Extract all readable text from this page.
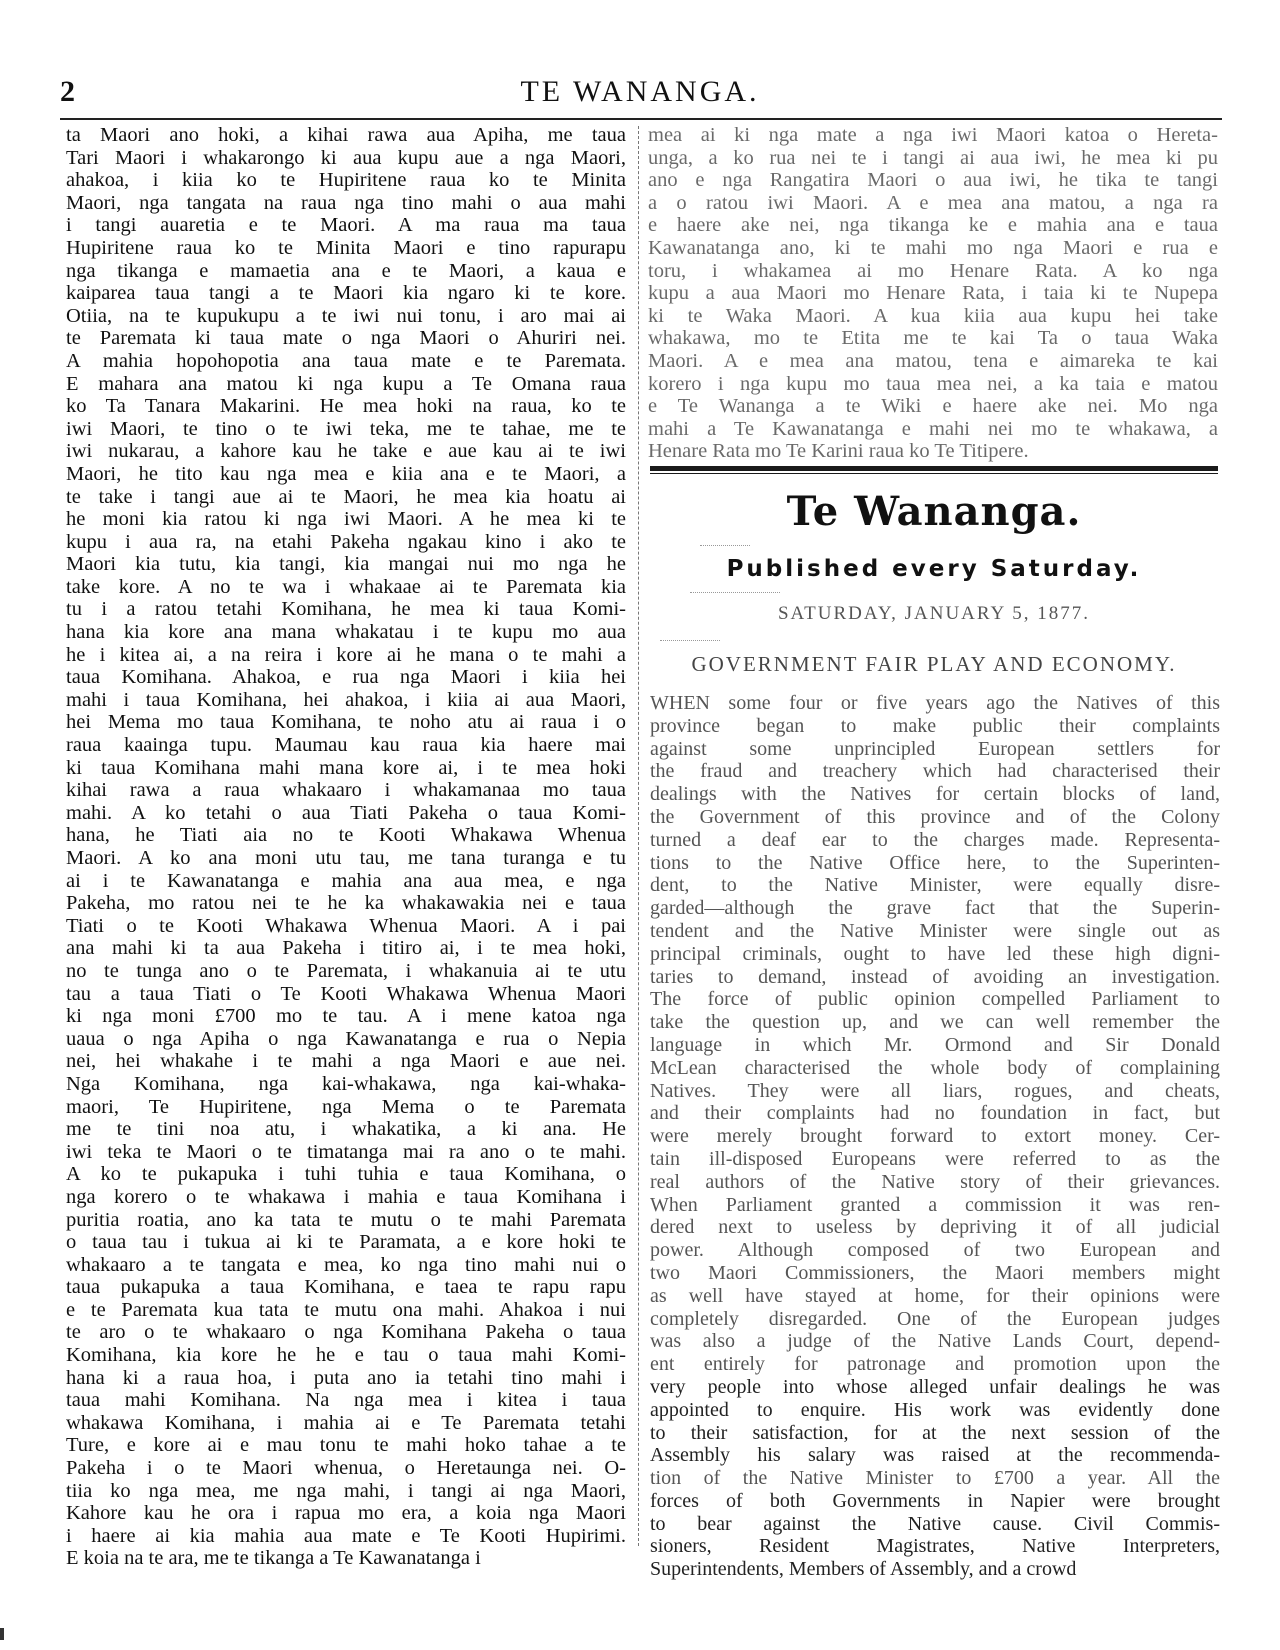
2	TE WANANGA.
ta Maori ano hoki, a kihai rawa aua Apiha, me taua
Tari Maori i whakarongo ki aua kupu aue a nga Maori,
ahakoa, i kiia ko te Hupiritene raua ko te Minita
Maori, nga tangata na raua nga tino mahi o aua mahi
i tangi auaretia e te Maori. A ma raua ma taua
Hupiritene raua ko te Minita Maori e tino rapurapu
nga tikanga e mamaetia ana e te Maori, a kaua e
kaiparea taua tangi a te Maori kia ngaro ki te kore.
Otiia, na te kupukupu a te iwi nui tonu, i aro mai ai
te Paremata ki taua mate o nga Maori o Ahuriri nei.
A mahia hopohopotia ana taua mate e te Paremata.
E mahara ana matou ki nga kupu a Te Omana raua
ko Ta Tanara Makarini. He mea hoki na raua, ko te
iwi Maori, te tino o te iwi teka, me te tahae, me te
iwi nukarau, a kahore kau he take e aue kau ai te iwi
Maori, he tito kau nga mea e kiia ana e te Maori, a
te take i tangi aue ai te Maori, he mea kia hoatu ai
he moni kia ratou ki nga iwi Maori. A he mea ki te
kupu i aua ra, na etahi Pakeha ngakau kino i ako te
Maori kia tutu, kia tangi, kia mangai nui mo nga he
take kore. A no te wa i whakaae ai te Paremata kia
tu i a ratou tetahi Komihana, he mea ki taua Komi-
hana kia kore ana mana whakatau i te kupu mo aua
he i kitea ai, a na reira i kore ai he mana o te mahi a
taua Komihana. Ahakoa, e rua nga Maori i kiia hei
mahi i taua Komihana, hei ahakoa, i kiia ai aua Maori,
hei Mema mo taua Komihana, te noho atu ai raua i o
raua kaainga tupu. Maumau kau raua kia haere mai
ki taua Komihana mahi mana kore ai, i te mea hoki
kihai rawa a raua whakaaro i whakamanaa mo taua
mahi. A ko tetahi o aua Tiati Pakeha o taua Komi-
hana, he Tiati aia no te Kooti Whakawa Whenua
Maori. A ko ana moni utu tau, me tana turanga e tu
ai i te Kawanatanga e mahia ana aua mea, e nga
Pakeha, mo ratou nei te he ka whakawakia nei e taua
Tiati o te Kooti Whakawa Whenua Maori. A i pai
ana mahi ki ta aua Pakeha i titiro ai, i te mea hoki,
no te tunga ano o te Paremata, i whakanuia ai te utu
tau a taua Tiati o Te Kooti Whakawa Whenua Maori
ki nga moni £700 mo te tau. A i mene katoa nga
uaua o nga Apiha o nga Kawanatanga e rua o Nepia
nei, hei whakahe i te mahi a nga Maori e aue nei.
Nga Komihana, nga kai-whakawa, nga kai-whaka-
maori, Te Hupiritene, nga Mema o te Paremata
me te tini noa atu, i whakatika, a ki ana. He
iwi teka te Maori o te timatanga mai ra ano o te mahi.
A ko te pukapuka i tuhi tuhia e taua Komihana, o
nga korero o te whakawa i mahia e taua Komihana i
puritia roatia, ano ka tata te mutu o te mahi Paremata
o taua tau i tukua ai ki te Paramata, a e kore hoki te
whakaaro a te tangata e mea, ko nga tino mahi nui o
taua pukapuka a taua Komihana, e taea te rapu rapu
e te Paremata kua tata te mutu ona mahi. Ahakoa i nui
te aro o te whakaaro o nga Komihana Pakeha o taua
Komihana, kia kore he he e tau o taua mahi Komi-
hana ki a raua hoa, i puta ano ia tetahi tino mahi i
taua mahi Komihana. Na nga mea i kitea i taua
whakawa Komihana, i mahia ai e Te Paremata tetahi
Ture, e kore ai e mau tonu te mahi hoko tahae a te
Pakeha i o te Maori whenua, o Heretaunga nei. O-
tiia ko nga mea, me nga mahi, i tangi ai nga Maori,
Kahore kau he ora i rapua mo era, a koia nga Maori
i haere ai kia mahia aua mate e Te Kooti Hupirimi.
E koia na te ara, me te tikanga a Te Kawanatanga i
mea ai ki nga mate a nga iwi Maori katoa o Hereta-
unga, a ko rua nei te i tangi ai aua iwi, he mea ki pu
ano e nga Rangatira Maori o aua iwi, he tika te tangi
a o ratou iwi Maori. A e mea ana matou, a nga ra
e haere ake nei, nga tikanga ke e mahia ana e taua
Kawanatanga ano, ki te mahi mo nga Maori e rua e
toru, i whakamea ai mo Henare Rata. A ko nga
kupu a aua Maori mo Henare Rata, i taia ki te Nupepa
ki te Waka Maori. A kua kiia aua kupu hei take
whakawa, mo te Etita me te kai Ta o taua Waka
Maori. A e mea ana matou, tena e aimareka te kai
korero i nga kupu mo taua mea nei, a ka taia e matou
e Te Wananga a te Wiki e haere ake nei. Mo nga
mahi a Te Kawanatanga e mahi nei mo te whakawa, a
Henare Rata mo Te Karini raua ko Te Titipere.
Te Wananga.
Published every Saturday.
SATURDAY, JANUARY 5, 1877.
GOVERNMENT FAIR PLAY AND ECONOMY.
WHEN some four or five years ago the Natives of this
province began to make public their complaints
against some unprincipled European settlers for
the fraud and treachery which had characterised their
dealings with the Natives for certain blocks of land,
the Government of this province and of the Colony
turned a deaf ear to the charges made. Representa-
tions to the Native Office here, to the Superinten-
dent, to the Native Minister, were equally disre-
garded—although the grave fact that the Superin-
tendent and the Native Minister were single out as
principal criminals, ought to have led these high digni-
taries to demand, instead of avoiding an investigation.
The force of public opinion compelled Parliament to
take the question up, and we can well remember the
language in which Mr. Ormond and Sir Donald
McLean characterised the whole body of complaining
Natives. They were all liars, rogues, and cheats,
and their complaints had no foundation in fact, but
were merely brought forward to extort money. Cer-
tain ill-disposed Europeans were referred to as the
real authors of the Native story of their grievances.
When Parliament granted a commission it was ren-
dered next to useless by depriving it of all judicial
power. Although composed of two European and
two Maori Commissioners, the Maori members might
as well have stayed at home, for their opinions were
completely disregarded. One of the European judges
was also a judge of the Native Lands Court, depend-
ent entirely for patronage and promotion upon the
very people into whose alleged unfair dealings he was
appointed to enquire. His work was evidently done
to their satisfaction, for at the next session of the
Assembly his salary was raised at the recommenda-
tion of the Native Minister to £700 a year. All the
forces of both Governments in Napier were brought
to bear against the Native cause. Civil Commis-
sioners, Resident Magistrates, Native Interpreters,
Superintendents, Members of Assembly, and a crowd
